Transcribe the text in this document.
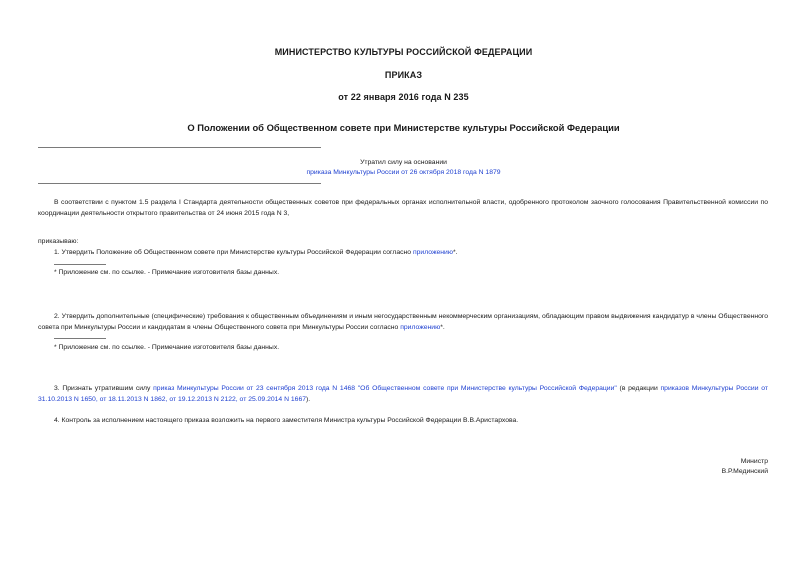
МИНИСТЕРСТВО КУЛЬТУРЫ РОССИЙСКОЙ ФЕДЕРАЦИИ
ПРИКАЗ
от 22 января 2016 года N 235
О Положении об Общественном совете при Министерстве культуры Российской Федерации
Утратил силу на основании
приказа Минкультуры России от 26 октября 2018 года N 1879
В соответствии с пунктом 1.5 раздела I Стандарта деятельности общественных советов при федеральных органах исполнительной власти, одобренного протоколом заочного голосования Правительственной комиссии по координации деятельности открытого правительства от 24 июня 2015 года N 3,
приказываю:
1. Утвердить Положение об Общественном совете при Министерстве культуры Российской Федерации согласно приложению*.
* Приложение см. по ссылке. - Примечание изготовителя базы данных.
2. Утвердить дополнительные (специфические) требования к общественным объединениям и иным негосударственным некоммерческим организациям, обладающим правом выдвижения кандидатур в члены Общественного совета при Минкультуры России и кандидатам в члены Общественного совета при Минкультуры России согласно приложению*.
* Приложение см. по ссылке. - Примечание изготовителя базы данных.
3. Признать утратившим силу приказ Минкультуры России от 23 сентября 2013 года N 1468 "Об Общественном совете при Министерстве культуры Российской Федерации" (в редакции приказов Минкультуры России от 31.10.2013 N 1650, от 18.11.2013 N 1862, от 19.12.2013 N 2122, от 25.09.2014 N 1667).
4. Контроль за исполнением настоящего приказа возложить на первого заместителя Министра культуры Российской Федерации В.В.Аристархова.
Министр
В.Р.Мединский
